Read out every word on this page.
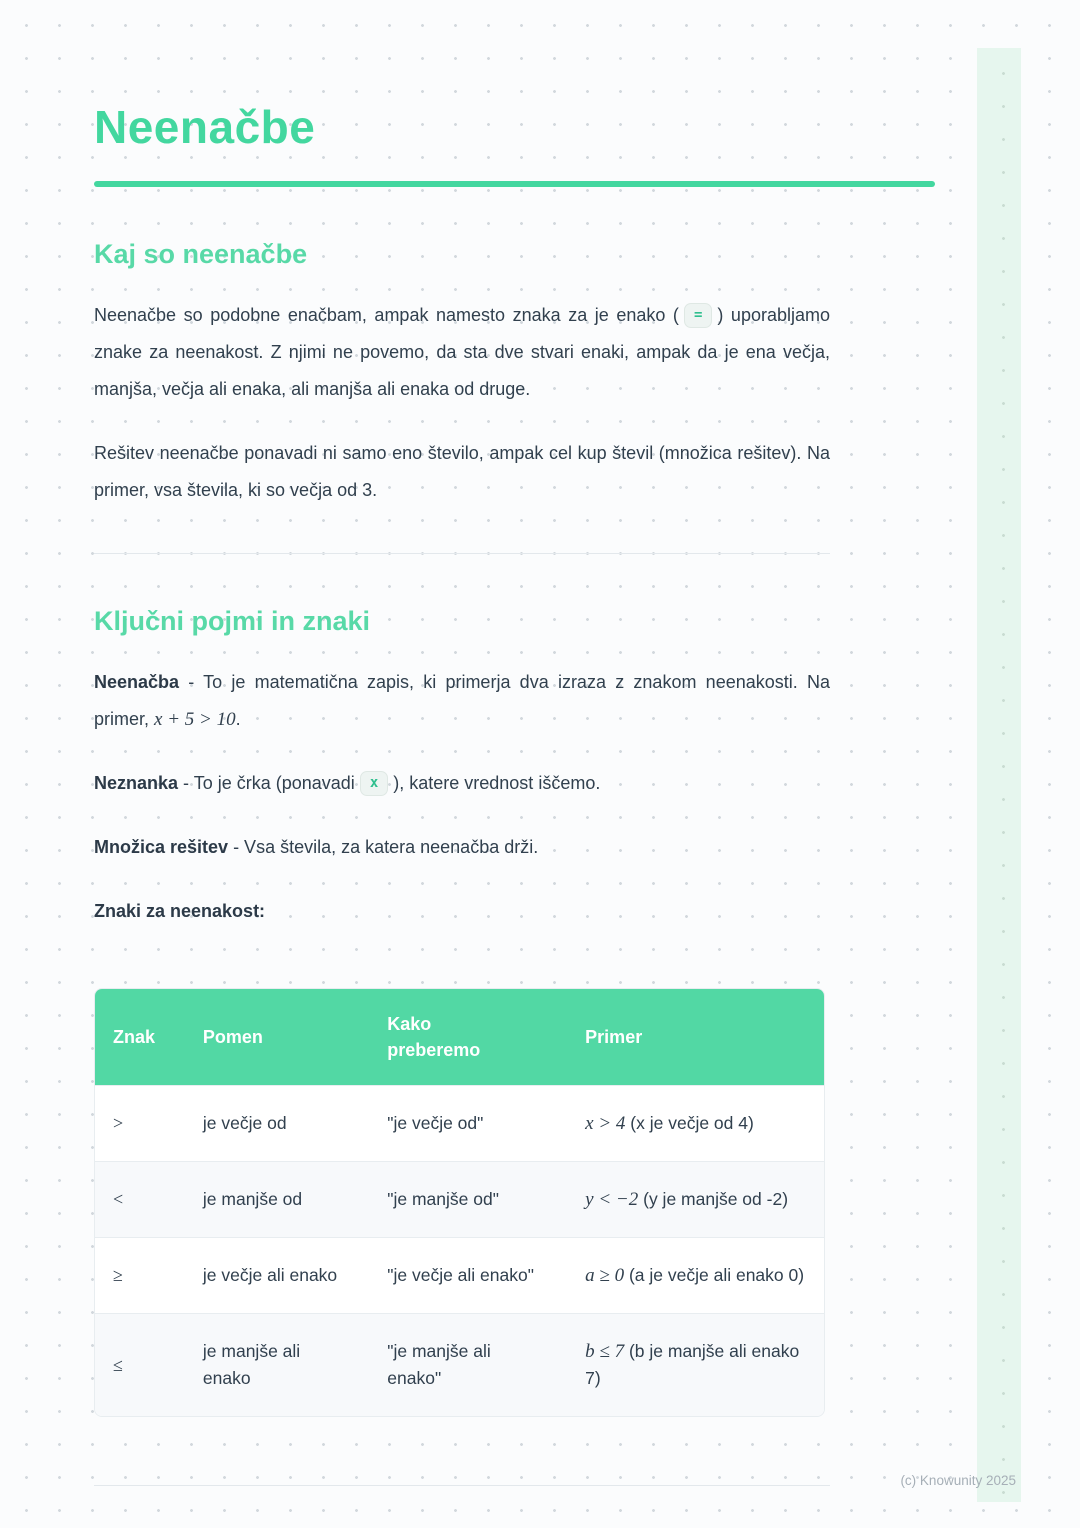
Neenačbe
Kaj so neenačbe

Neenačbe so podobne enačbam, ampak namesto znaka za je enako ( = ) uporabljamo znake za neenakost. Z njimi ne povemo, da sta dve stvari enaki, ampak da je ena večja, manjša, večja ali enaka, ali manjša ali enaka od druge.

Rešitev neenačbe ponavadi ni samo eno število, ampak cel kup števil (množica rešitev). Na primer, vsa števila, ki so večja od 3.

Ključni pojmi in znaki

Neenačba - To je matematična zapis, ki primerja dva izraza z znakom neenakosti. Na primer, x + 5 > 10.

Neznanka - To je črka (ponavadi x ), katere vrednost iščemo.

Množica rešitev - Vsa števila, za katera neenačba drži.

Znaki za neenakost:

Znak	Pomen	Kako preberemo	Primer
>	je večje od	"je večje od"	x > 4 (x je večje od 4)
<	je manjše od	"je manjše od"	y < −2 (y je manjše od -2)
≥	je večje ali enako	"je večje ali enako"	a ≥ 0 (a je večje ali enako 0)
≤	je manjše ali enako	"je manjše ali enako"	b ≤ 7 (b je manjše ali enako 7)
(c) Knowunity 2025
